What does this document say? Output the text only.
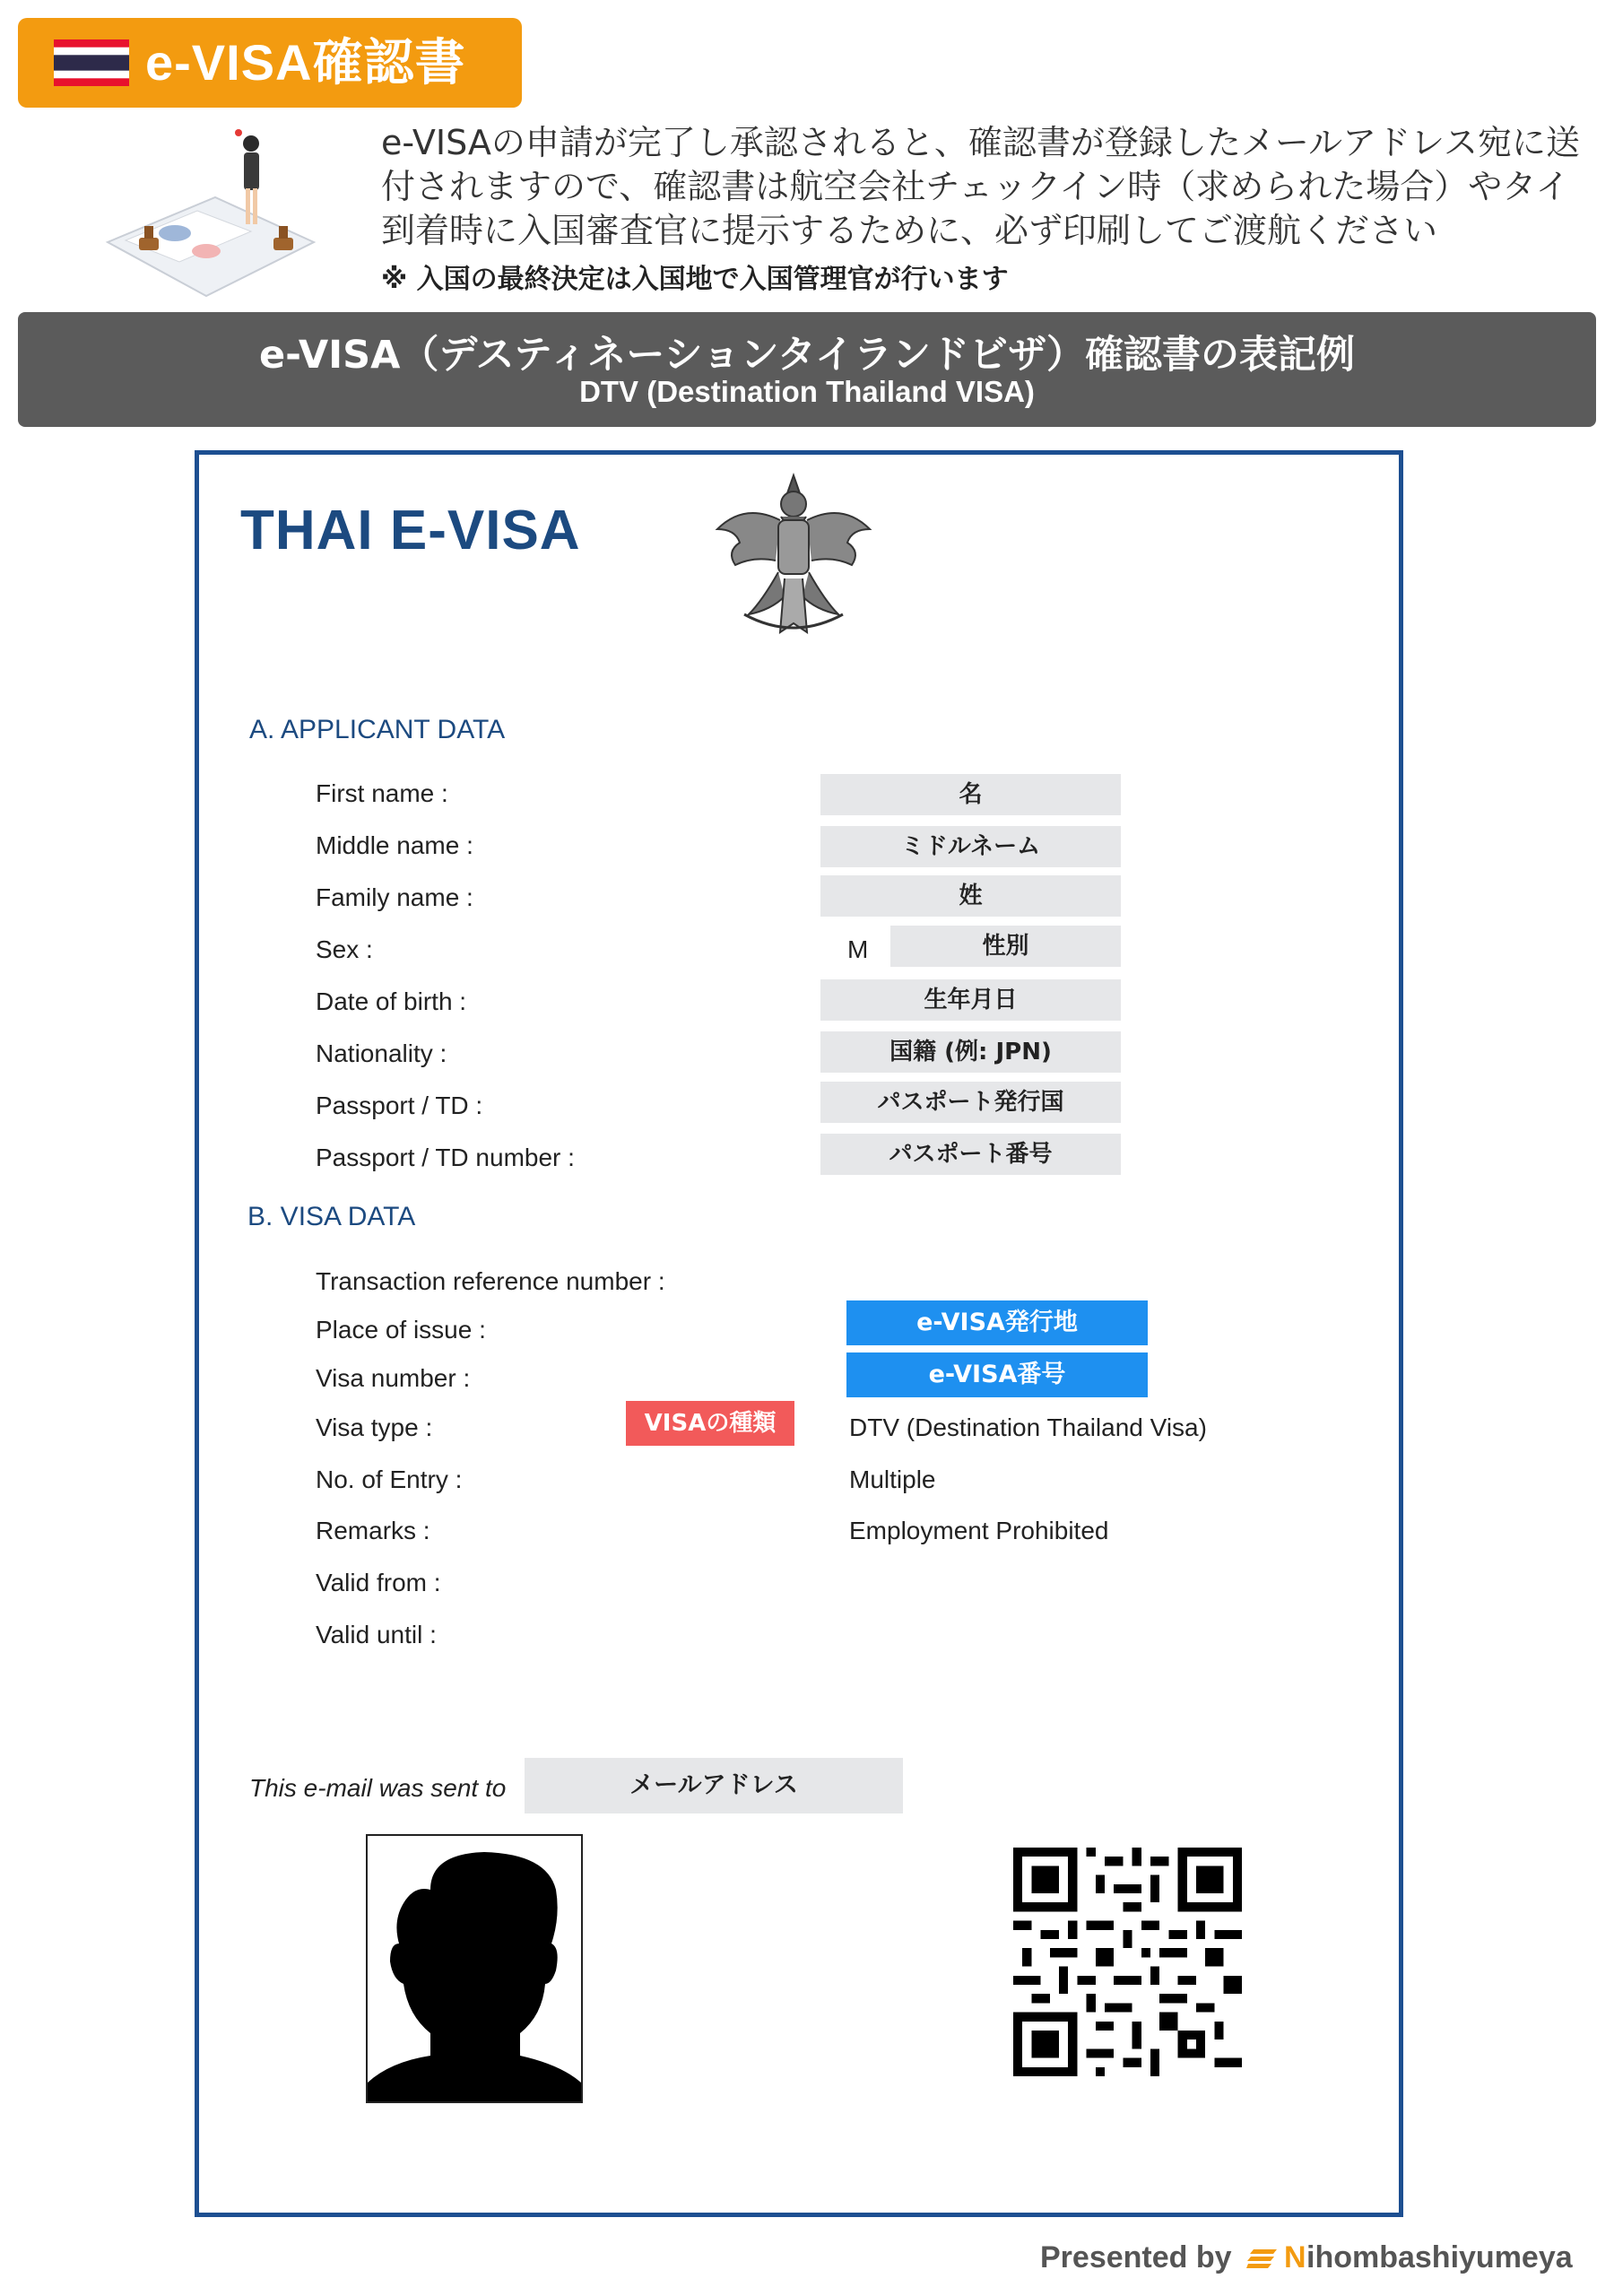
e-VISA確認書
e-VISAの申請が完了し承認されると、確認書が登録したメールアドレス宛に送付されますので、確認書は航空会社チェックイン時（求められた場合）やタイ到着時に入国審査官に提示するために、必ず印刷してご渡航ください
※ 入国の最終決定は入国地で入国管理官が行います
e-VISA（デスティネーションタイランドビザ）確認書の表記例
DTV (Destination Thailand VISA)
THAI E-VISA
A. APPLICANT DATA
First name :	名
Middle name :	ミドルネーム
Family name :	姓
Sex :	M	性別
Date of birth :	生年月日
Nationality :	国籍 (例: JPN)
Passport / TD :	パスポート発行国
Passport / TD number :	パスポート番号
B. VISA DATA
Transaction reference number :
Place of issue :	e-VISA発行地
Visa number :	e-VISA番号
Visa type :	VISAの種類	DTV (Destination Thailand Visa)
No. of Entry :	Multiple
Remarks :	Employment Prohibited
Valid from :
Valid until :
This e-mail was sent to	メールアドレス
Presented by N ihombashiyumeya
